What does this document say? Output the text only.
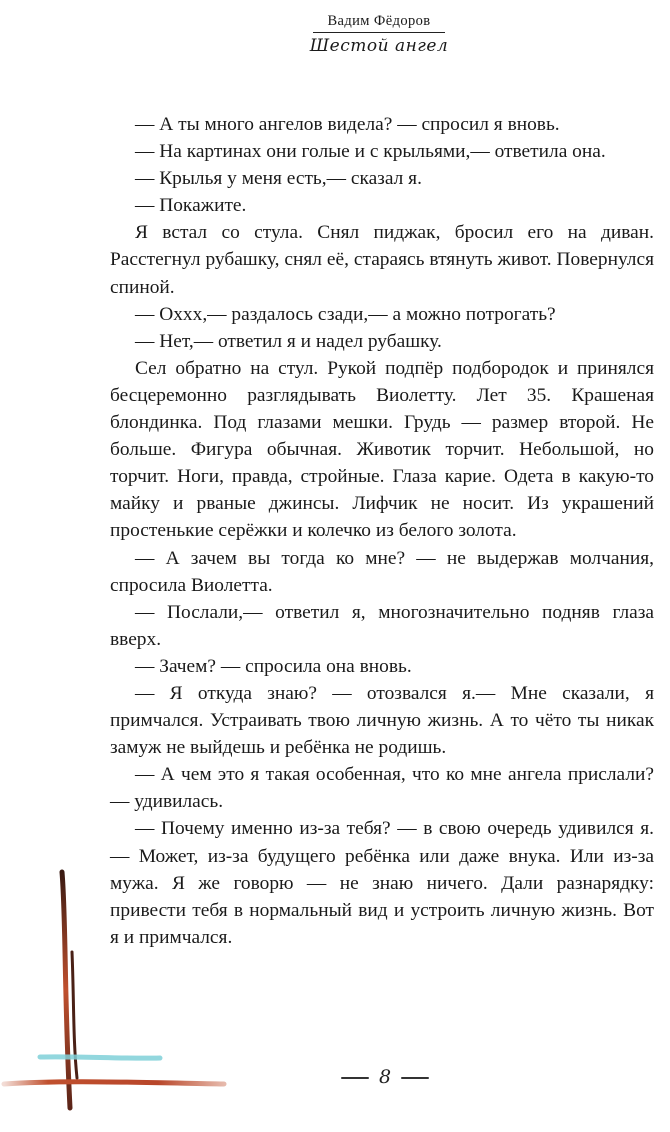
Вадим Фёдоров
Шестой ангел

— А ты много ангелов видела? — спросил я вновь.

— На картинах они голые и с крыльями,— ответила она.

— Крылья у меня есть,— сказал я.

— Покажите.

Я встал со стула. Снял пиджак, бросил его на диван. Расстегнул рубашку, снял её, стараясь втянуть живот. Повернулся спиной.

— Оххх,— раздалось сзади,— а можно потрогать?

— Нет,— ответил я и надел рубашку.

Сел обратно на стул. Рукой подпёр подбородок и принялся бесцеремонно разглядывать Виолетту. Лет 35. Крашеная блондинка. Под глазами мешки. Грудь — размер второй. Не больше. Фигура обычная. Животик торчит. Небольшой, но торчит. Ноги, правда, стройные. Глаза карие. Одета в какую-то майку и рваные джинсы. Лифчик не носит. Из украшений простенькие серёжки и колечко из белого золота.

— А зачем вы тогда ко мне? — не выдержав молчания, спросила Виолетта.

— Послали,— ответил я, многозначительно подняв глаза вверх.

— Зачем? — спросила она вновь.

— Я откуда знаю? — отозвался я.— Мне сказали, я примчался. Устраивать твою личную жизнь. А то чёто ты никак замуж не выйдешь и ребёнка не родишь.

— А чем это я такая особенная, что ко мне ангела прислали? — удивилась.

— Почему именно из-за тебя? — в свою очередь удивился я.— Может, из-за будущего ребёнка или даже внука. Или из-за мужа. Я же говорю — не знаю ничего. Дали разнарядку: привести тебя в нормальный вид и устроить личную жизнь. Вот я и примчался.

8
